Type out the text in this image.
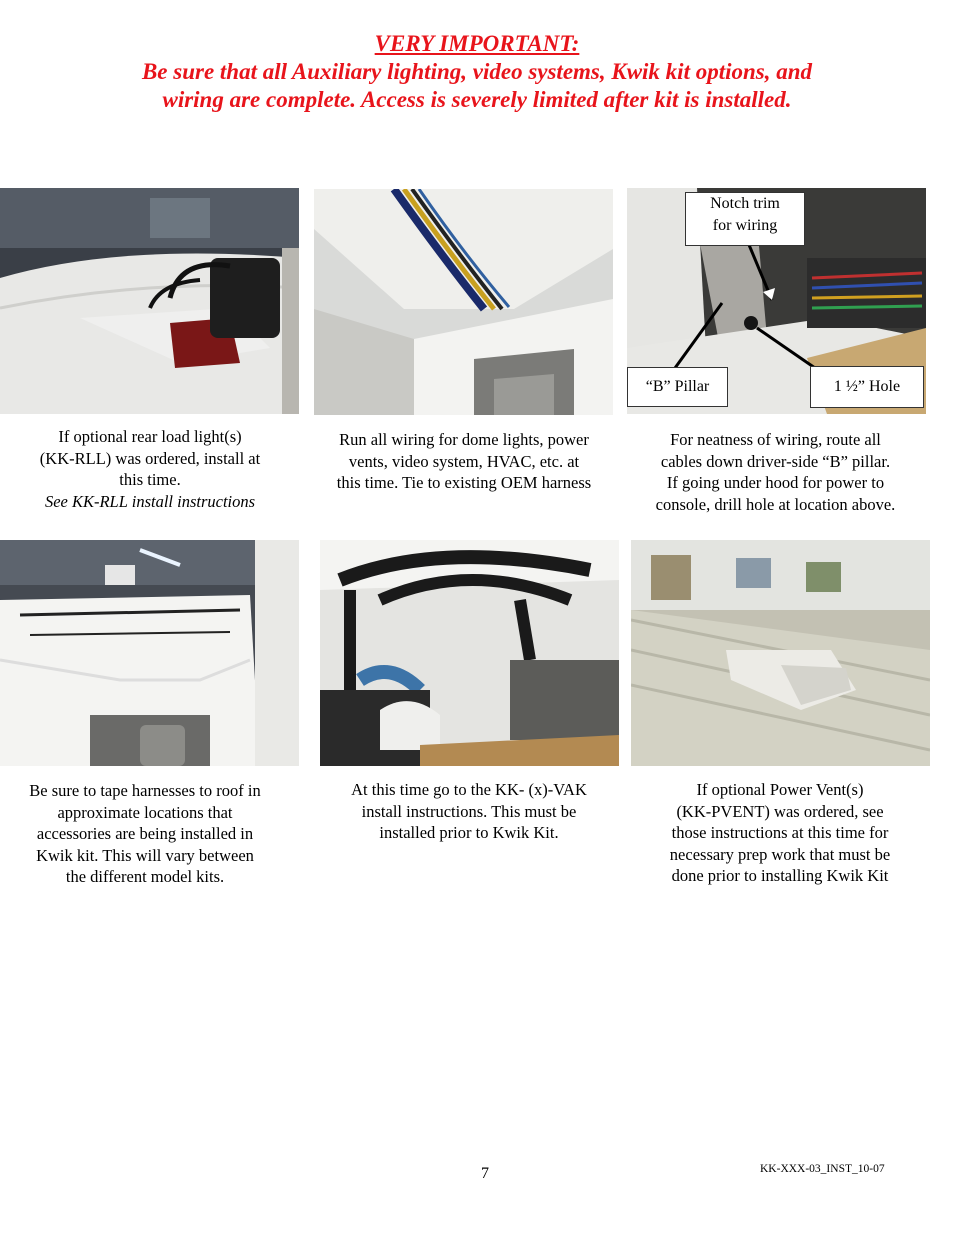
VERY IMPORTANT:
Be sure that all Auxiliary lighting, video systems, Kwik kit options, and
wiring are complete. Access is severely limited after kit is installed.
Notch trim
for wiring
“B” Pillar	1 ½” Hole
If optional rear load light(s)
(KK-RLL) was ordered, install at
this time.
See KK-RLL install instructions
Run all wiring for dome lights, power
vents, video system, HVAC, etc. at
this time. Tie to existing OEM harness
For neatness of wiring, route all
cables down driver-side “B” pillar.
If going under hood for power to
console, drill hole at location above.
Be sure to tape harnesses to roof in
approximate locations that
accessories are being installed in
Kwik kit. This will vary between
the different model kits.
At this time go to the KK- (x)-VAK
install instructions. This must be
installed prior to Kwik Kit.
If optional Power Vent(s)
(KK-PVENT) was ordered, see
those instructions at this time for
necessary prep work that must be
done prior to installing Kwik Kit
7	KK-XXX-03_INST_10-07
